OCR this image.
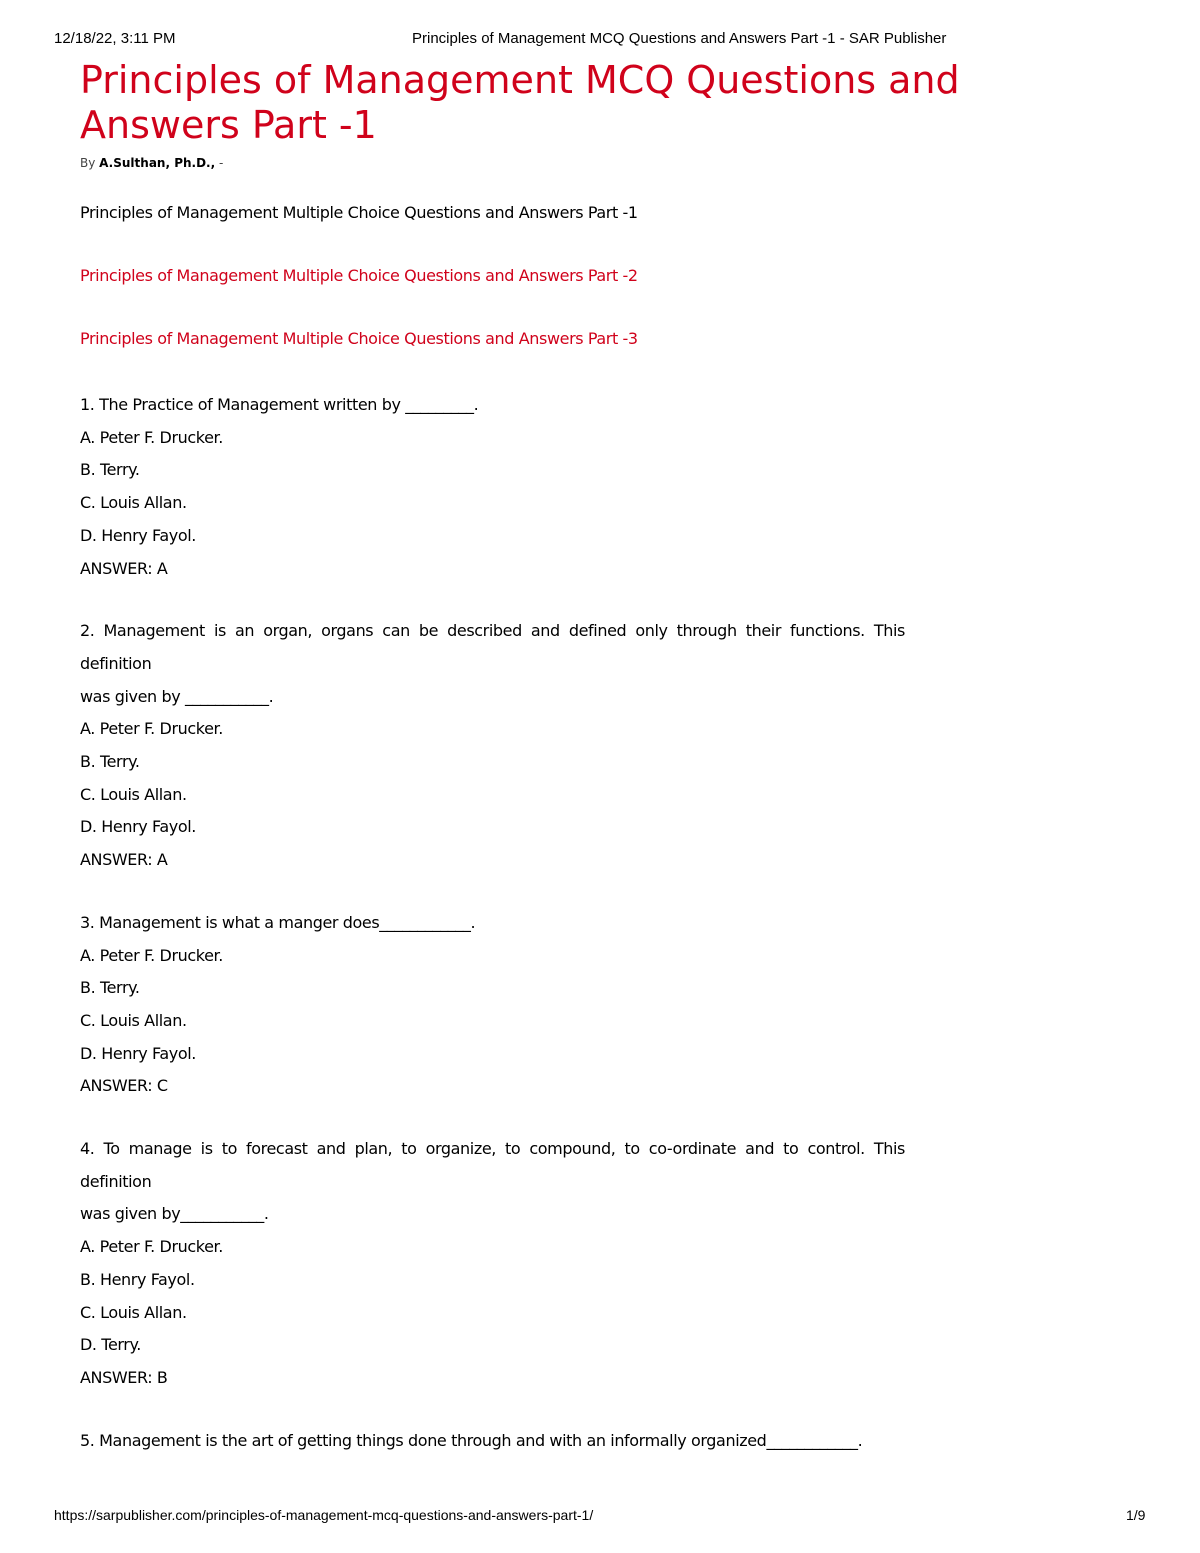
12/18/22, 3:11 PM	Principles of Management MCQ Questions and Answers Part -1 - SAR Publisher
Principles of Management MCQ Questions and Answers Part -1
By A.Sulthan, Ph.D., -

Principles of Management Multiple Choice Questions and Answers Part -1

Principles of Management Multiple Choice Questions and Answers Part -2

Principles of Management Multiple Choice Questions and Answers Part -3

1. The Practice of Management written by _________.

A. Peter F. Drucker.

B. Terry.

C. Louis Allan.

D. Henry Fayol.

ANSWER: A

2. Management is an organ, organs can be described and defined only through their functions. This definition

was given by ___________.

A. Peter F. Drucker.

B. Terry.

C. Louis Allan.

D. Henry Fayol.

ANSWER: A

3. Management is what a manger does____________.

A. Peter F. Drucker.

B. Terry.

C. Louis Allan.

D. Henry Fayol.

ANSWER: C

4. To manage is to forecast and plan, to organize, to compound, to co-ordinate and to control. This definition

was given by___________.

A. Peter F. Drucker.

B. Henry Fayol.

C. Louis Allan.

D. Terry.

ANSWER: B

5. Management is the art of getting things done through and with an informally organized____________.

https://sarpublisher.com/principles-of-management-mcq-questions-and-answers-part-1/	1/9
